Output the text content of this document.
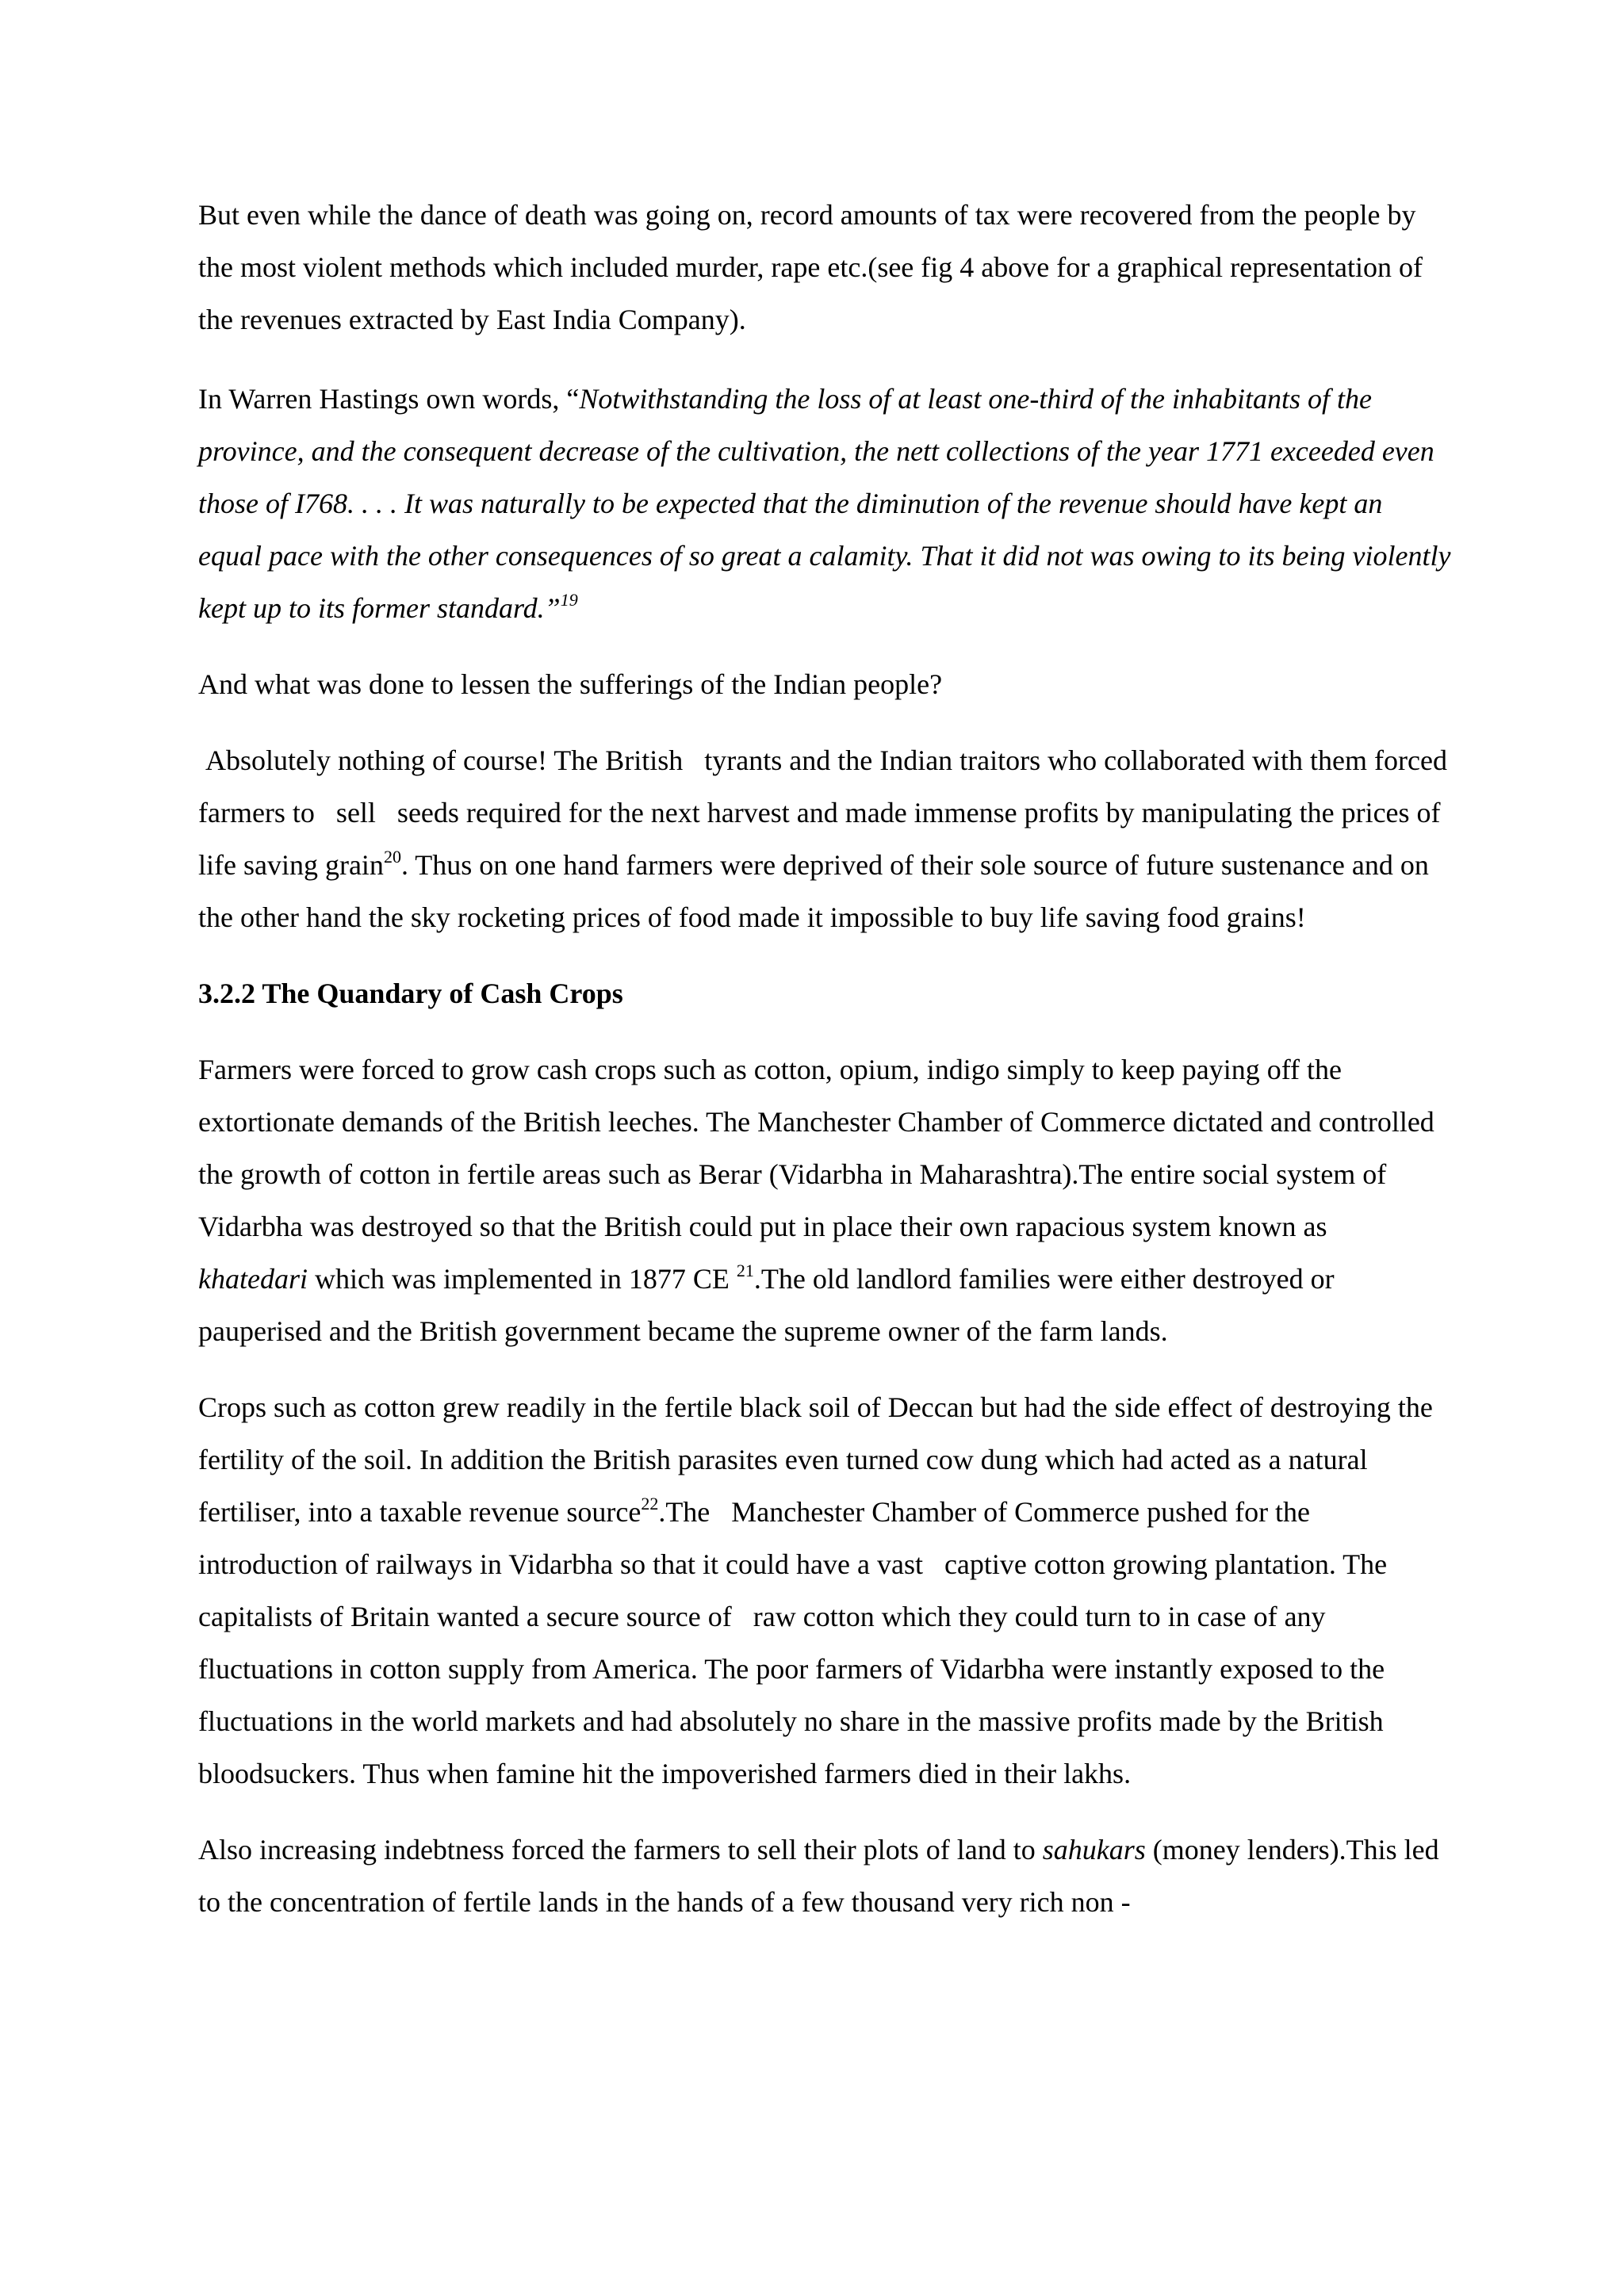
But even while the dance of death was going on, record amounts of tax were recovered from the people by the most violent methods which included murder, rape etc.(see fig 4 above for a graphical representation of the revenues extracted by East India Company).

In Warren Hastings own words, “Notwithstanding the loss of at least one-third of the inhabitants of the province, and the consequent decrease of the cultivation, the nett collections of the year 1771 exceeded even those of I768. . . . It was naturally to be expected that the diminution of the revenue should have kept an equal pace with the other consequences of so great a calamity. That it did not was owing to its being violently kept up to its former standard.”$^{19}$

And what was done to lessen the sufferings of the Indian people?

Absolutely nothing of course! The British   tyrants and the Indian traitors who collaborated with them forced farmers to   sell   seeds required for the next harvest and made immense profits by manipulating the prices of life saving grain$^{20}$. Thus on one hand farmers were deprived of their sole source of future sustenance and on the other hand the sky rocketing prices of food made it impossible to buy life saving food grains!

3.2.2 The Quandary of Cash Crops

Farmers were forced to grow cash crops such as cotton, opium, indigo simply to keep paying off the extortionate demands of the British leeches. The Manchester Chamber of Commerce dictated and controlled the growth of cotton in fertile areas such as Berar (Vidarbha in Maharashtra).The entire social system of   Vidarbha was destroyed so that the British could put in place their own rapacious system known as   khatedari which was implemented in 1877 CE $^{21}$.The old landlord families were either destroyed or pauperised and the British government became the supreme owner of the farm lands.

Crops such as cotton grew readily in the fertile black soil of Deccan but had the side effect of destroying the fertility of the soil. In addition the British parasites even turned cow dung which had acted as a natural fertiliser, into a taxable revenue source$^{22}$.The   Manchester Chamber of Commerce pushed for the introduction of railways in Vidarbha so that it could have a vast   captive cotton growing plantation. The capitalists of Britain wanted a secure source of   raw cotton which they could turn to in case of any fluctuations in cotton supply from America. The poor farmers of Vidarbha were instantly exposed to the fluctuations in the world markets and had absolutely no share in the massive profits made by the British bloodsuckers. Thus when famine hit the impoverished farmers died in their lakhs.

Also increasing indebtness forced the farmers to sell their plots of land to sahukars (money lenders).This led to the concentration of fertile lands in the hands of a few thousand very rich non -
